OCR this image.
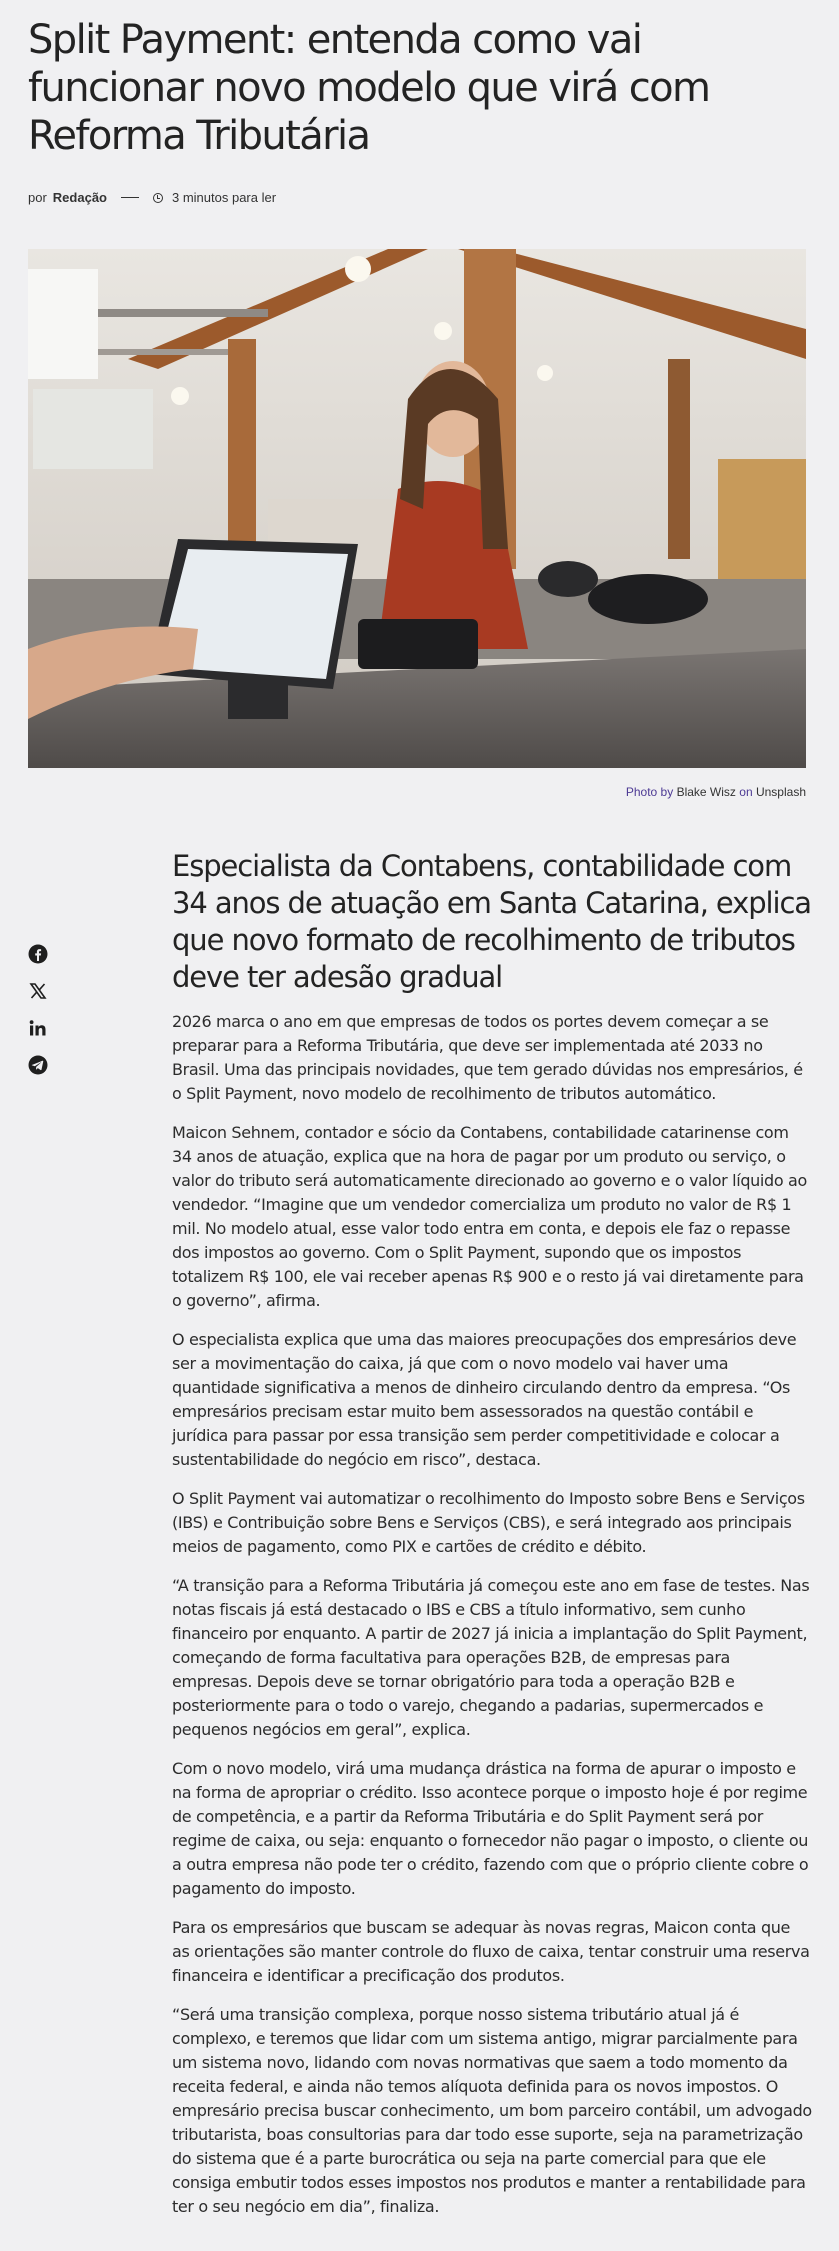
Split Payment: entenda como vai funcionar novo modelo que virá com Reforma Tributária
por Redação	3 minutos para ler
Photo by Blake Wisz on Unsplash
Especialista da Contabens, contabilidade com 34 anos de atuação em Santa Catarina, explica que novo formato de recolhimento de tributos deve ter adesão gradual

2026 marca o ano em que empresas de todos os portes devem começar a se preparar para a Reforma Tributária, que deve ser implementada até 2033 no Brasil. Uma das principais novidades, que tem gerado dúvidas nos empresários, é o Split Payment, novo modelo de recolhimento de tributos automático.

Maicon Sehnem, contador e sócio da Contabens, contabilidade catarinense com 34 anos de atuação, explica que na hora de pagar por um produto ou serviço, o valor do tributo será automaticamente direcionado ao governo e o valor líquido ao vendedor. “Imagine que um vendedor comercializa um produto no valor de R$ 1 mil. No modelo atual, esse valor todo entra em conta, e depois ele faz o repasse dos impostos ao governo. Com o Split Payment, supondo que os impostos totalizem R$ 100, ele vai receber apenas R$ 900 e o resto já vai diretamente para o governo”, afirma.

O especialista explica que uma das maiores preocupações dos empresários deve ser a movimentação do caixa, já que com o novo modelo vai haver uma quantidade significativa a menos de dinheiro circulando dentro da empresa. “Os empresários precisam estar muito bem assessorados na questão contábil e jurídica para passar por essa transição sem perder competitividade e colocar a sustentabilidade do negócio em risco”, destaca.

O Split Payment vai automatizar o recolhimento do Imposto sobre Bens e Serviços (IBS) e Contribuição sobre Bens e Serviços (CBS), e será integrado aos principais meios de pagamento, como PIX e cartões de crédito e débito.

“A transição para a Reforma Tributária já começou este ano em fase de testes. Nas notas fiscais já está destacado o IBS e CBS a título informativo, sem cunho financeiro por enquanto. A partir de 2027 já inicia a implantação do Split Payment, começando de forma facultativa para operações B2B, de empresas para empresas. Depois deve se tornar obrigatório para toda a operação B2B e posteriormente para o todo o varejo, chegando a padarias, supermercados e pequenos negócios em geral”, explica.

Com o novo modelo, virá uma mudança drástica na forma de apurar o imposto e na forma de apropriar o crédito. Isso acontece porque o imposto hoje é por regime de competência, e a partir da Reforma Tributária e do Split Payment será por regime de caixa, ou seja: enquanto o fornecedor não pagar o imposto, o cliente ou a outra empresa não pode ter o crédito, fazendo com que o próprio cliente cobre o pagamento do imposto.

Para os empresários que buscam se adequar às novas regras, Maicon conta que as orientações são manter controle do fluxo de caixa, tentar construir uma reserva financeira e identificar a precificação dos produtos.

“Será uma transição complexa, porque nosso sistema tributário atual já é complexo, e teremos que lidar com um sistema antigo, migrar parcialmente para um sistema novo, lidando com novas normativas que saem a todo momento da receita federal, e ainda não temos alíquota definida para os novos impostos. O empresário precisa buscar conhecimento, um bom parceiro contábil, um advogado tributarista, boas consultorias para dar todo esse suporte, seja na parametrização do sistema que é a parte burocrática ou seja na parte comercial para que ele consiga embutir todos esses impostos nos produtos e manter a rentabilidade para ter o seu negócio em dia”, finaliza.
